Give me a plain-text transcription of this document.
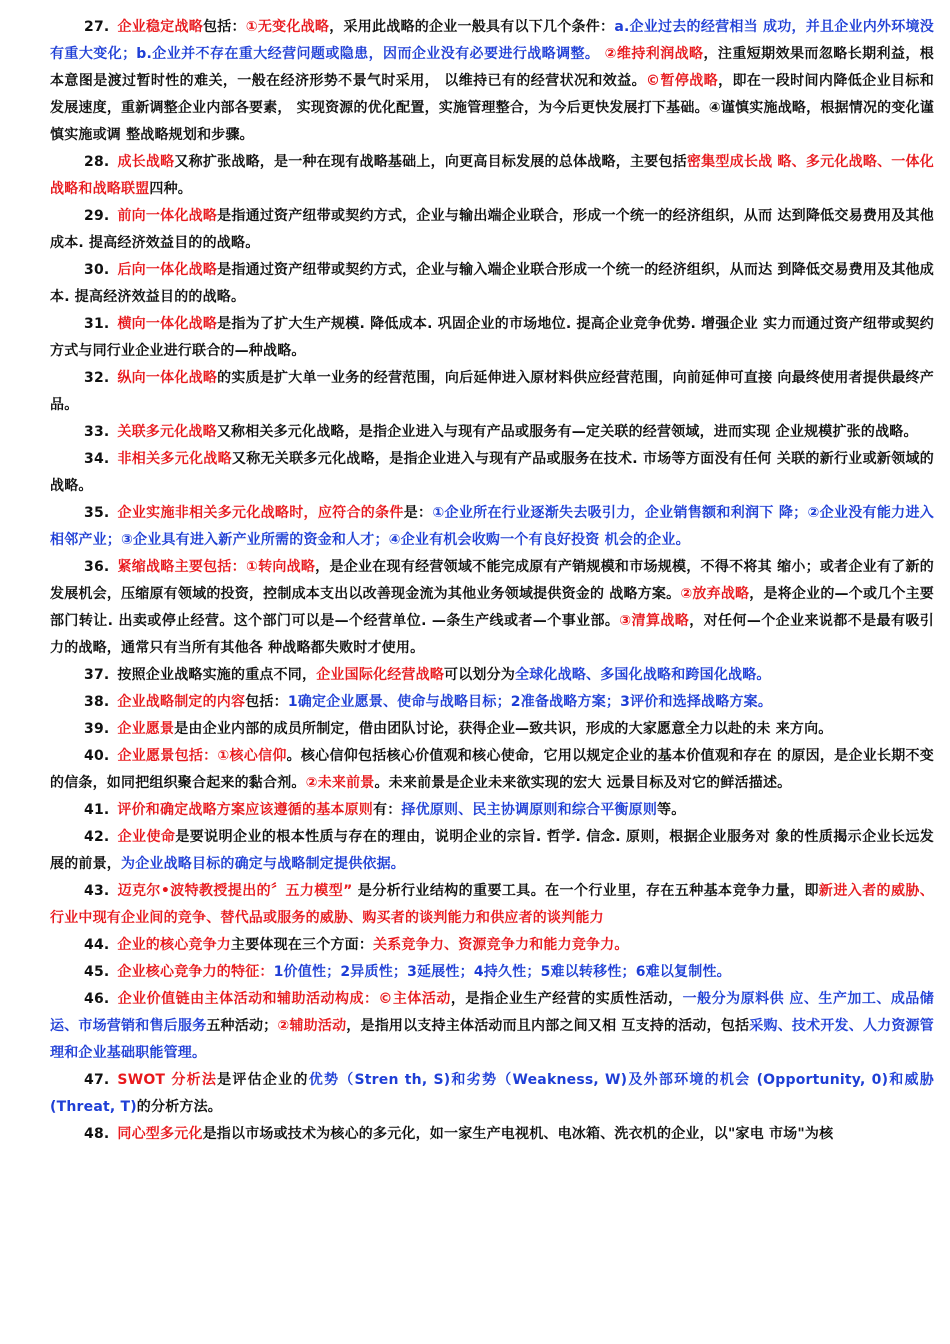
27. 企业稳定战略包括：①无变化战略，采用此战略的企业一般具有以下几个条件：a.企业过去的经营相当 成功，并且企业内外环境没有重大变化；b.企业并不存在重大经营问题或隐患，因而企业没有必要进行战略调整。 ②维持利润战略，注重短期效果而忽略长期利益，根本意图是渡过暂时性的难关，一般在经济形势不景气时采用， 以维持已有的经营状况和效益。©暂停战略，即在一段时间内降低企业目标和发展速度，重新调整企业内部各要素， 实现资源的优化配置，实施管理整合，为今后更快发展打下基础。④谨慎实施战略，根据情况的变化谨慎实施或调 整战略规划和步骤。

28. 成长战略又称扩张战略，是一种在现有战略基础上，向更高目标发展的总体战略，主要包括密集型成长战 略、多元化战略、一体化战略和战略联盟四种。

29. 前向一体化战略是指通过资产纽带或契约方式，企业与输出端企业联合，形成一个统一的经济组织，从而 达到降低交易费用及其他成本. 提高经济效益目的的战略。

30. 后向一体化战略是指通过资产纽带或契约方式，企业与输入端企业联合形成一个统一的经济组织，从而达 到降低交易费用及其他成本. 提高经济效益目的的战略。

31. 横向一体化战略是指为了扩大生产规模. 降低成本. 巩固企业的市场地位. 提高企业竞争优势. 增强企业 实力而通过资产纽带或契约方式与同行业企业进行联合的—种战略。

32. 纵向一体化战略的实质是扩大单一业务的经营范围，向后延伸进入原材料供应经营范围，向前延伸可直接 向最终使用者提供最终产品。

33. 关联多元化战略又称相关多元化战略，是指企业进入与现有产品或服务有—定关联的经营领域，进而实现 企业规模扩张的战略。

34. 非相关多元化战略又称无关联多元化战略，是指企业进入与现有产品或服务在技术. 市场等方面没有任何 关联的新行业或新领域的战略。

35. 企业实施非相关多元化战略时，应符合的条件是：①企业所在行业逐渐失去吸引力，企业销售额和利润下 降；②企业没有能力进入相邻产业；③企业具有进入新产业所需的资金和人才；④企业有机会收购一个有良好投资 机会的企业。

36. 紧缩战略主要包括：①转向战略，是企业在现有经营领域不能完成原有产销规模和市场规模，不得不将其 缩小；或者企业有了新的发展机会，压缩原有领域的投资，控制成本支出以改善现金流为其他业务领域提供资金的 战略方案。②放弃战略，是将企业的—个或几个主要部门转让. 出卖或停止经营。这个部门可以是—个经营单位. —条生产线或者—个事业部。③清算战略，对任何—个企业来说都不是最有吸引力的战略，通常只有当所有其他各 种战略都失败时才使用。

37. 按照企业战略实施的重点不同，企业国际化经营战略可以划分为全球化战略、多国化战略和跨国化战略。

38. 企业战略制定的内容包括：1确定企业愿景、使命与战略目标；2准备战略方案；3评价和选择战略方案。

39. 企业愿景是由企业内部的成员所制定，借由团队讨论，获得企业—致共识，形成的大家愿意全力以赴的未 来方向。

40. 企业愿景包括：①核心信仰。核心信仰包括核心价值观和核心使命，它用以规定企业的基本价值观和存在 的原因，是企业长期不变的信条，如同把组织聚合起来的黏合剂。②未来前景。未来前景是企业未来欲实现的宏大 远景目标及对它的鲜活描述。

41. 评价和确定战略方案应该遵循的基本原则有：择优原则、民主协调原则和综合平衡原则等。

42. 企业使命是要说明企业的根本性质与存在的理由，说明企业的宗旨. 哲学. 信念. 原则，根据企业服务对 象的性质揭示企业长远发展的前景，为企业战略目标的确定与战略制定提供依据。

43. 迈克尔•波特教授提出的〞五力模型” 是分析行业结构的重要工具。在一个行业里，存在五种基本竞争力量，即新进入者的威胁、行业中现有企业间的竞争、替代品或服务的威胁、购买者的谈判能力和供应者的谈判能力

44. 企业的核心竞争力主要体现在三个方面：关系竞争力、资源竞争力和能力竞争力。

45. 企业核心竞争力的特征：1价值性；2异质性；3延展性；4持久性；5难以转移性；6难以复制性。

46. 企业价值链由主体活动和辅助活动构成：©主体活动，是指企业生产经营的实质性活动，一般分为原料供 应、生产加工、成品储运、市场营销和售后服务五种活动；②辅助活动，是指用以支持主体活动而且内部之间又相 互支持的活动，包括采购、技术开发、人力资源管理和企业基础职能管理。

47. SWOT 分析法是评估企业的优势（Stren th, S)和劣势（Weakness, W)及外部环境的机会 (Opportunity, 0)和威胁(Threat, T)的分析方法。

48. 同心型多元化是指以市场或技术为核心的多元化，如一家生产电视机、电冰箱、洗衣机的企业，以"家电 市场"为核
